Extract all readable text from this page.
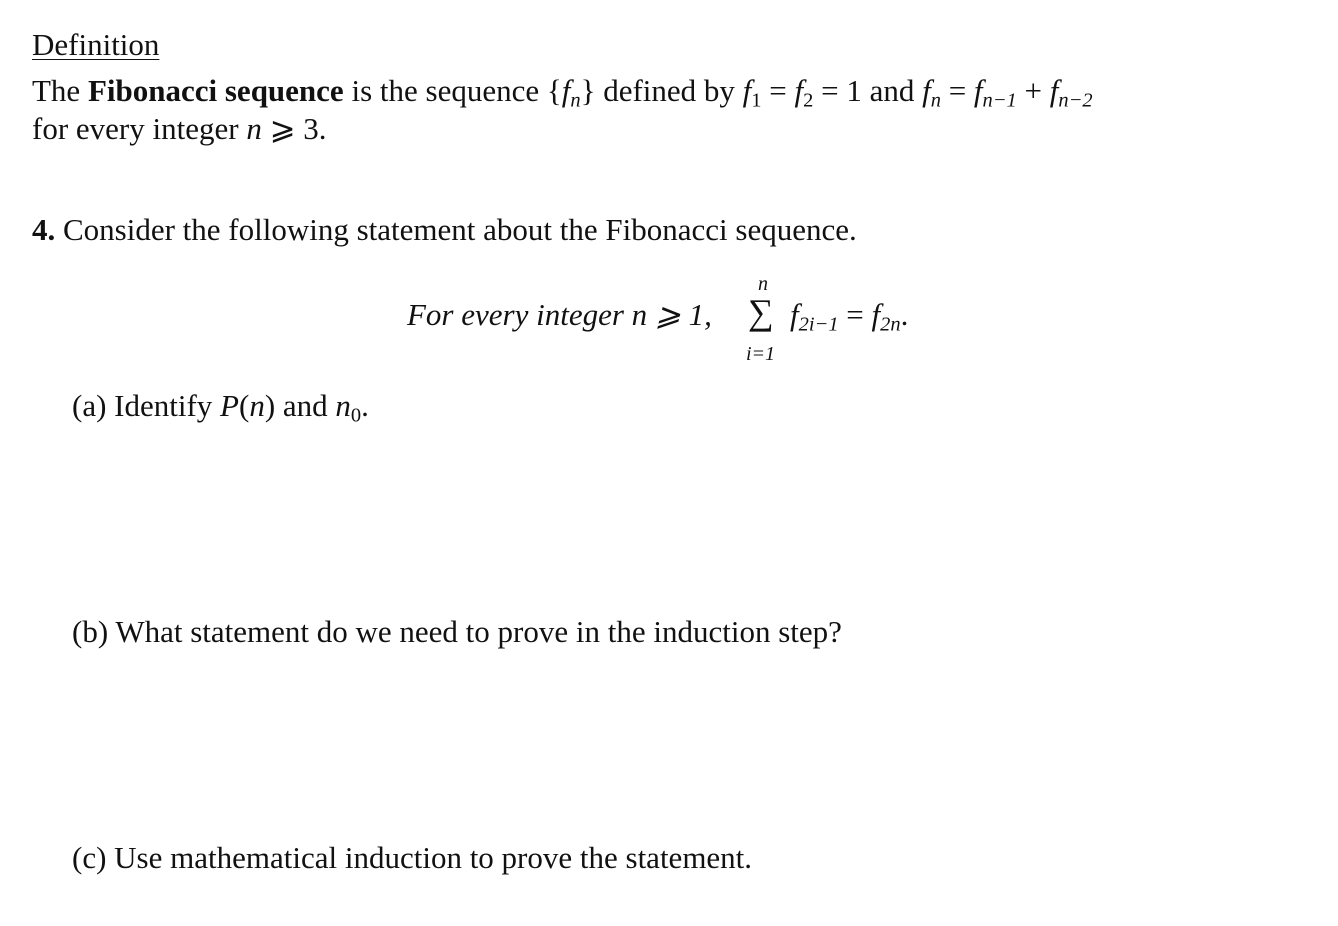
Definition
The Fibonacci sequence is the sequence $\{f_n\}$ defined by $f_1 = f_2 = 1$ and $f_n = f_{n-1} + f_{n-2}$
for every integer n ⩾ 3.
4. Consider the following statement about the Fibonacci sequence.
For every integer n ⩾ 1,
n
∑
i=1
$f_{2i-1} = f_{2n}$.
(a) Identify P(n) and $n_0$.
(b) What statement do we need to prove in the induction step?
(c) Use mathematical induction to prove the statement.
